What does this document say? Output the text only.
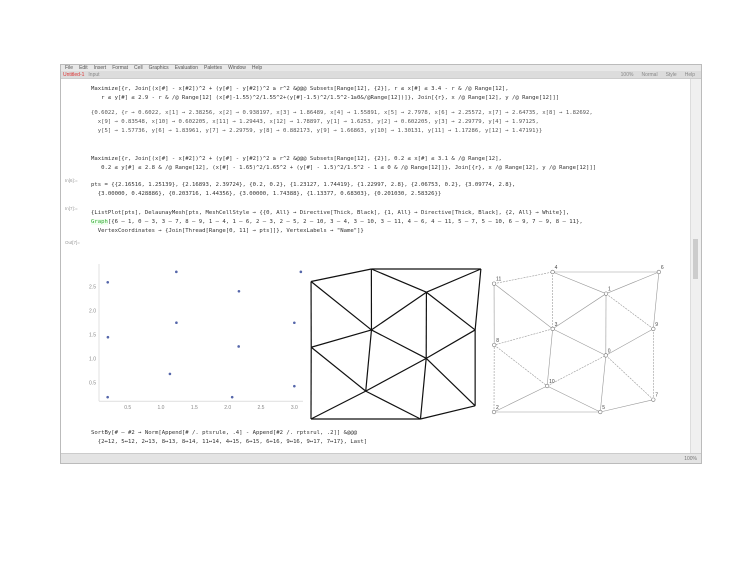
File Edit Insert Format Cell Graphics Evaluation Palettes Window Help
Untitled-1 Input	100% Normal Style Help
Maximize[{r, Join[(x[#] - x[#2])^2 + (y[#] - y[#2])^2 ≥ r^2 &@@@ Subsets[Range[12], {2}], r ≤ x[#] ≤ 3.4 - r & /@ Range[12],
r ≤ y[#] ≤ 2.9 - r & /@ Range[12] (x[#]-1.55)^2/1.55^2+(y[#]-1.5)^2/1.5^2-1≥0&/@Range[12])]}, Join[{r}, x /@ Range[12], y /@ Range[12]]]
{0.6022, {r → 0.6022, x[1] → 2.38256, x[2] → 0.938197, x[3] → 1.86489, x[4] → 1.55891, x[5] → 2.7978, x[6] → 2.25572, x[7] → 2.64735, x[8] → 1.82692,
x[9] → 0.83548, x[10] → 0.602205, x[11] → 1.29443, x[12] → 1.78897, y[1] → 1.6253, y[2] → 0.602205, y[3] → 2.29779, y[4] → 1.97125,
y[5] → 1.57736, y[6] → 1.83961, y[7] → 2.29759, y[8] → 0.882173, y[9] → 1.66863, y[10] → 1.30131, y[11] → 1.17286, y[12] → 1.47191}}
Maximize[{r, Join[(x[#] - x[#2])^2 + (y[#] - y[#2])^2 ≥ r^2 &@@@ Subsets[Range[12], {2}], 0.2 ≤ x[#] ≤ 3.1 & /@ Range[12],
0.2 ≤ y[#] ≤ 2.8 & /@ Range[12], (x[#] - 1.65)^2/1.65^2 + (y[#] - 1.5)^2/1.5^2 - 1 ≤ 0 & /@ Range[12]]}, Join[{r}, x /@ Range[12], y /@ Range[12]]]
In[6]:=
pts = {{2.16516, 1.25139}, {2.16893, 2.39724}, {0.2, 0.2}, {1.23127, 1.74419}, {1.22997, 2.8}, {2.06753, 0.2}, {3.09774, 2.8},
{3.00000, 0.428886}, {0.203716, 1.44356}, {3.00000, 1.74388}, {1.13377, 0.68303}, {0.201030, 2.58326}}
In[7]:=
{ListPlot[pts], DelaunayMesh[pts, MeshCellStyle → {{0, All} → Directive[Thick, Black], {1, All} → Directive[Thick, Black], {2, All} → White}],
Graph[{6 — 1, 0 — 3, 3 — 7, 8 — 9, 1 — 4, 1 — 6, 2 — 3, 2 — 5, 2 — 10, 3 — 4, 3 — 10, 3 — 11, 4 — 6, 4 — 11, 5 — 7, 5 — 10, 6 — 9, 7 — 9, 8 — 11},
VertexCoordinates → {Join[Thread[Range[0, 11] → pts]]}, VertexLabels → "Name"]}
Out[7]=
0.5	1.0	1.5	2.0	2.5	3.0
0.5
1.0
1.5
2.0
2.5
0
1
2
3
4
5
6
7
8
9
10
11
SortBy[# — #2 → Norm[Append[# /. ptsrule, .4] - Append[#2 /. rptsrul, .2]] &@@@
{2↔12, 5↔12, 2↔13, 8↔13, 8↔14, 11↔14, 4↔15, 6↔15, 6↔16, 9↔16, 9↔17, 7↔17}, Last]
100%
